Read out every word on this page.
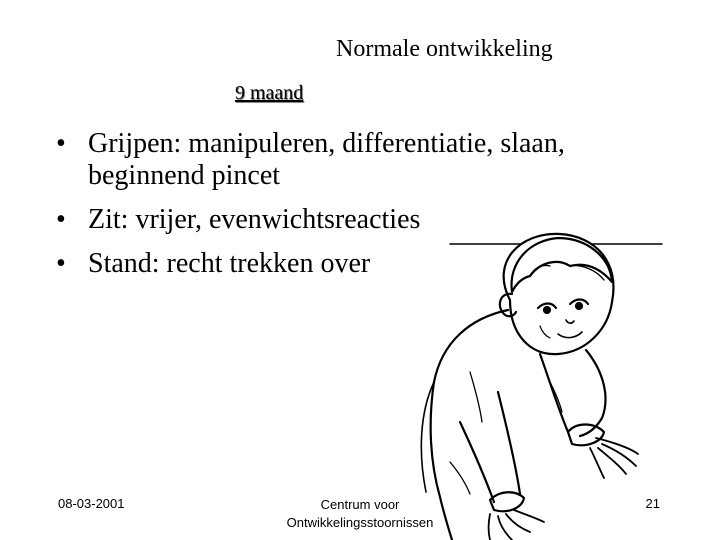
Normale ontwikkeling
9 maand
• Grijpen: manipuleren, differentiatie, slaan, beginnend pincet
• Zit: vrijer, evenwichtsreacties
• Stand: recht trekken over
08-03-2001	Centrum voor
Ontwikkelingsstoornissen
21
